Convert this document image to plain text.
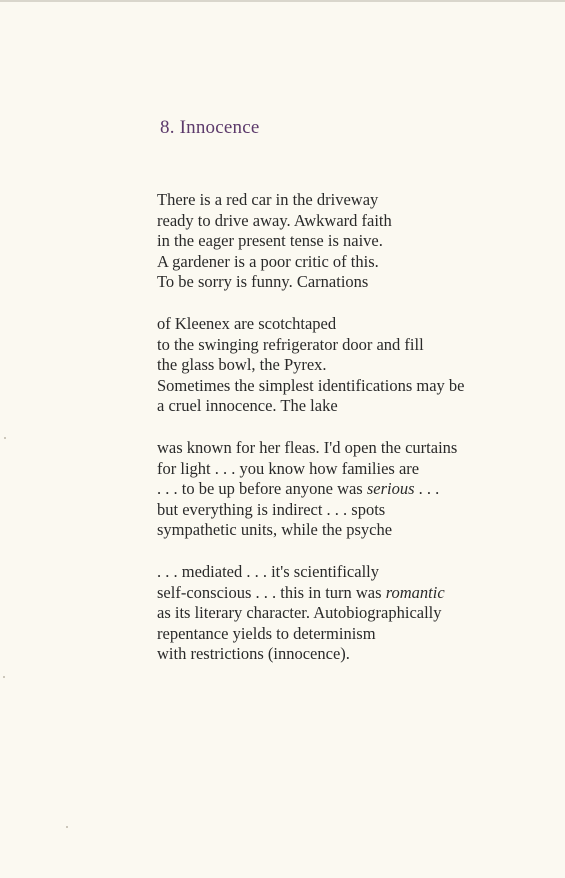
8. Innocence
There is a red car in the driveway
ready to drive away. Awkward faith
in the eager present tense is naive.
A gardener is a poor critic of this.
To be sorry is funny. Carnations
of Kleenex are scotchtaped
to the swinging refrigerator door and fill
the glass bowl, the Pyrex.
Sometimes the simplest identifications may be
a cruel innocence. The lake
was known for her fleas. I'd open the curtains
for light . . . you know how families are
. . . to be up before anyone was serious . . .
but everything is indirect . . . spots
sympathetic units, while the psyche
. . . mediated . . . it's scientifically
self-conscious . . . this in turn was romantic
as its literary character. Autobiographically
repentance yields to determinism
with restrictions (innocence).
